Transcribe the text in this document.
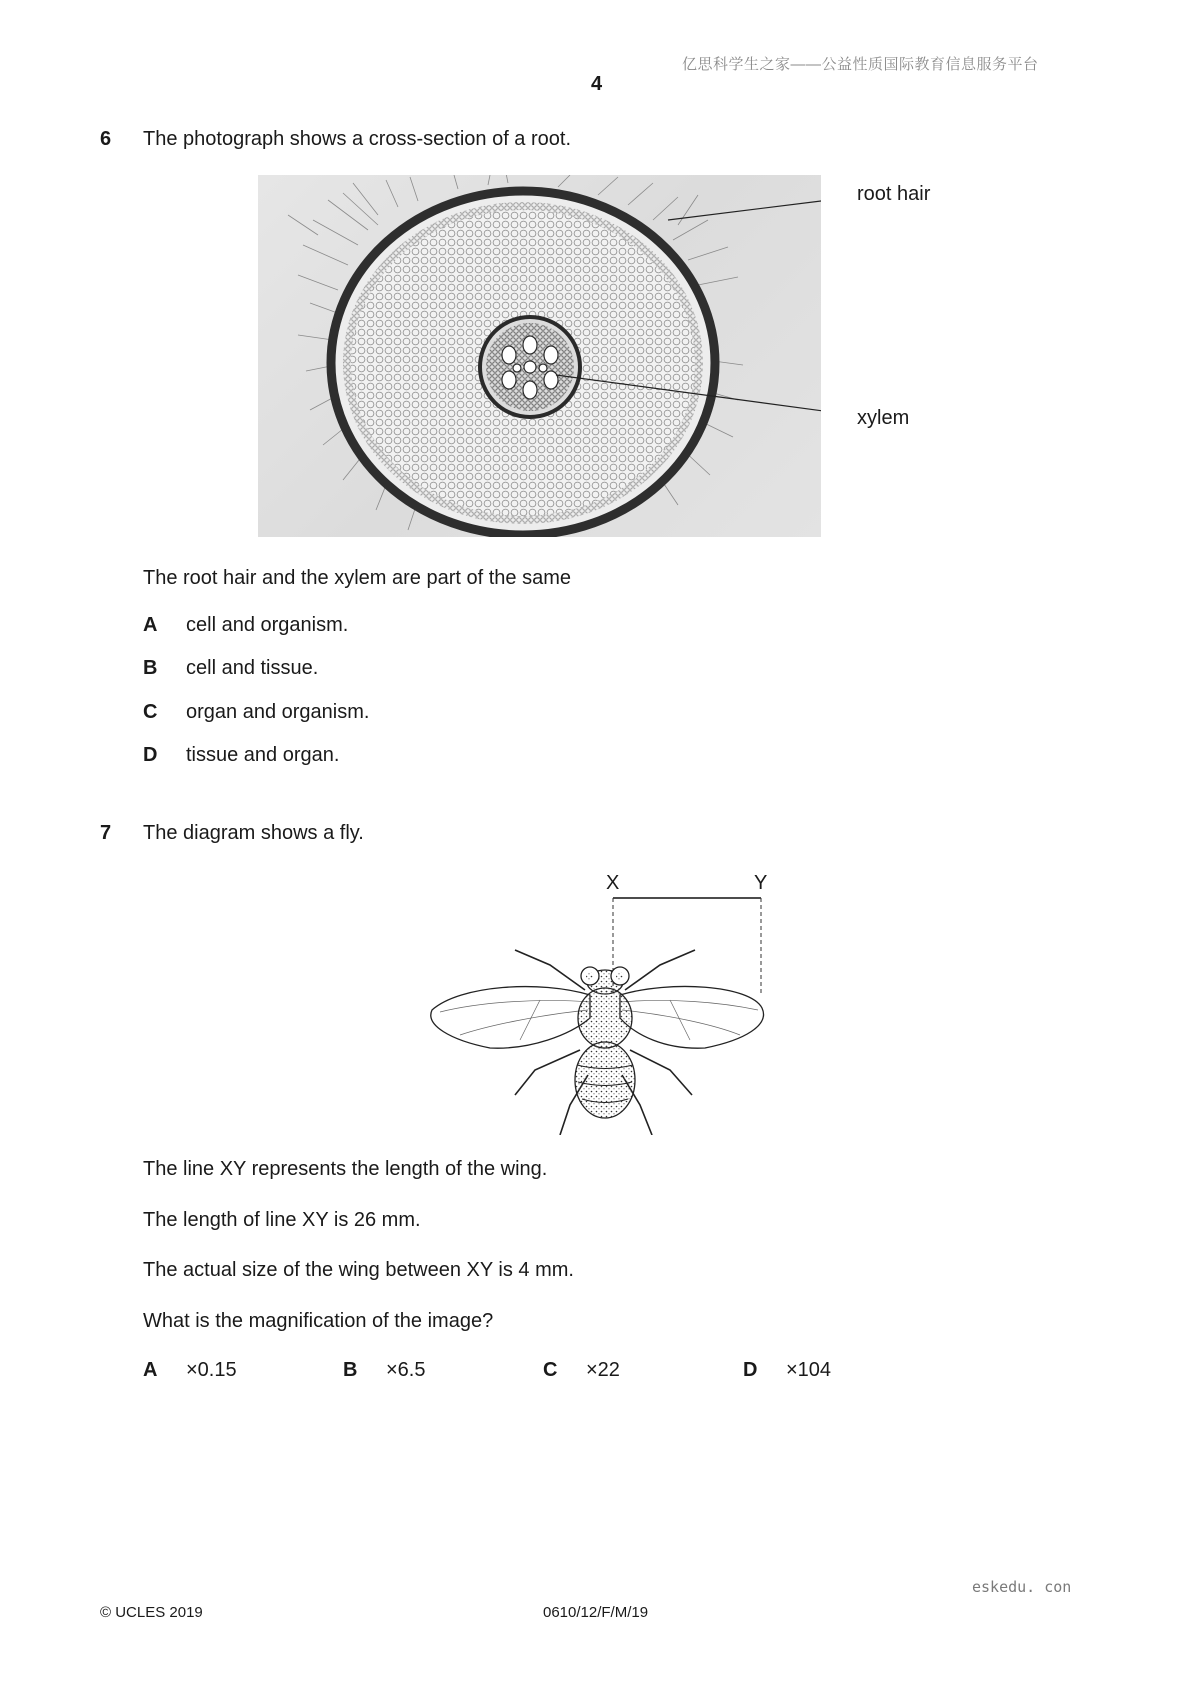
亿思科学生之家——公益性质国际教育信息服务平台
4
6 The photograph shows a cross-section of a root.
root hair
xylem
The root hair and the xylem are part of the same
A cell and organism.
B cell and tissue.
C organ and organism.
D tissue and organ.
7 The diagram shows a fly.
X	Y
The line XY represents the length of the wing.
The length of line XY is 26 mm.
The actual size of the wing between XY is 4 mm.
What is the magnification of the image?
A ×0.15	B ×6.5	C ×22	D ×104
eskedu. con
© UCLES 2019	0610/12/F/M/19
